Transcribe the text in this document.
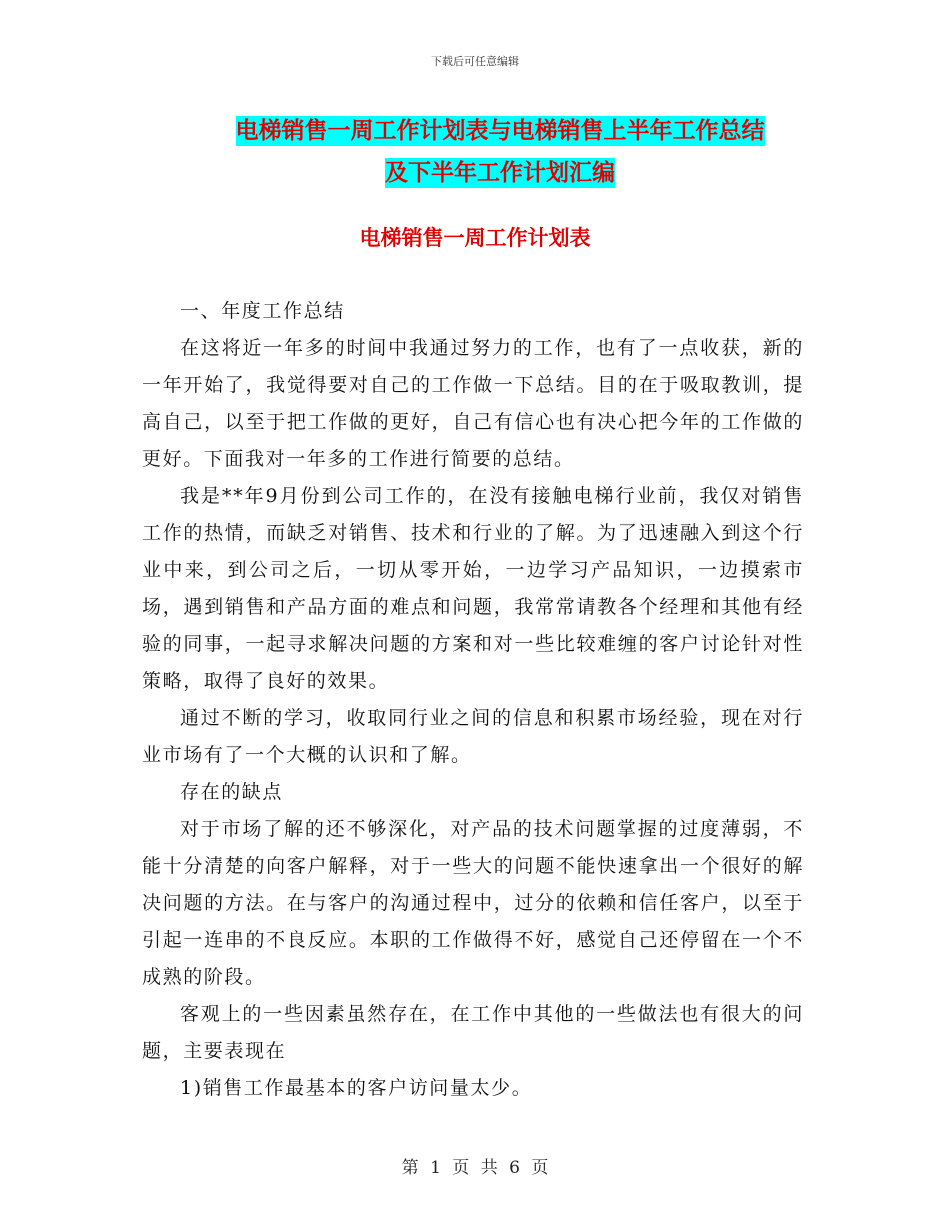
下载后可任意编辑
电梯销售一周工作计划表与电梯销售上半年工作总结
及下半年工作计划汇编
电梯销售一周工作计划表

一、年度工作总结

在这将近一年多的时间中我通过努力的工作，也有了一点收获，新的一年开始了，我觉得要对自己的工作做一下总结。目的在于吸取教训，提高自己，以至于把工作做的更好，自己有信心也有决心把今年的工作做的更好。下面我对一年多的工作进行简要的总结。

我是**年9月份到公司工作的，在没有接触电梯行业前，我仅对销售工作的热情，而缺乏对销售、技术和行业的了解。为了迅速融入到这个行业中来，到公司之后，一切从零开始，一边学习产品知识，一边摸索市场，遇到销售和产品方面的难点和问题，我常常请教各个经理和其他有经验的同事，一起寻求解决问题的方案和对一些比较难缠的客户讨论针对性策略，取得了良好的效果。

通过不断的学习，收取同行业之间的信息和积累市场经验，现在对行业市场有了一个大概的认识和了解。

存在的缺点

对于市场了解的还不够深化，对产品的技术问题掌握的过度薄弱，不能十分清楚的向客户解释，对于一些大的问题不能快速拿出一个很好的解决问题的方法。在与客户的沟通过程中，过分的依赖和信任客户，以至于引起一连串的不良反应。本职的工作做得不好，感觉自己还停留在一个不成熟的阶段。

客观上的一些因素虽然存在，在工作中其他的一些做法也有很大的问题，主要表现在

1)销售工作最基本的客户访问量太少。

第 1 页 共 6 页
